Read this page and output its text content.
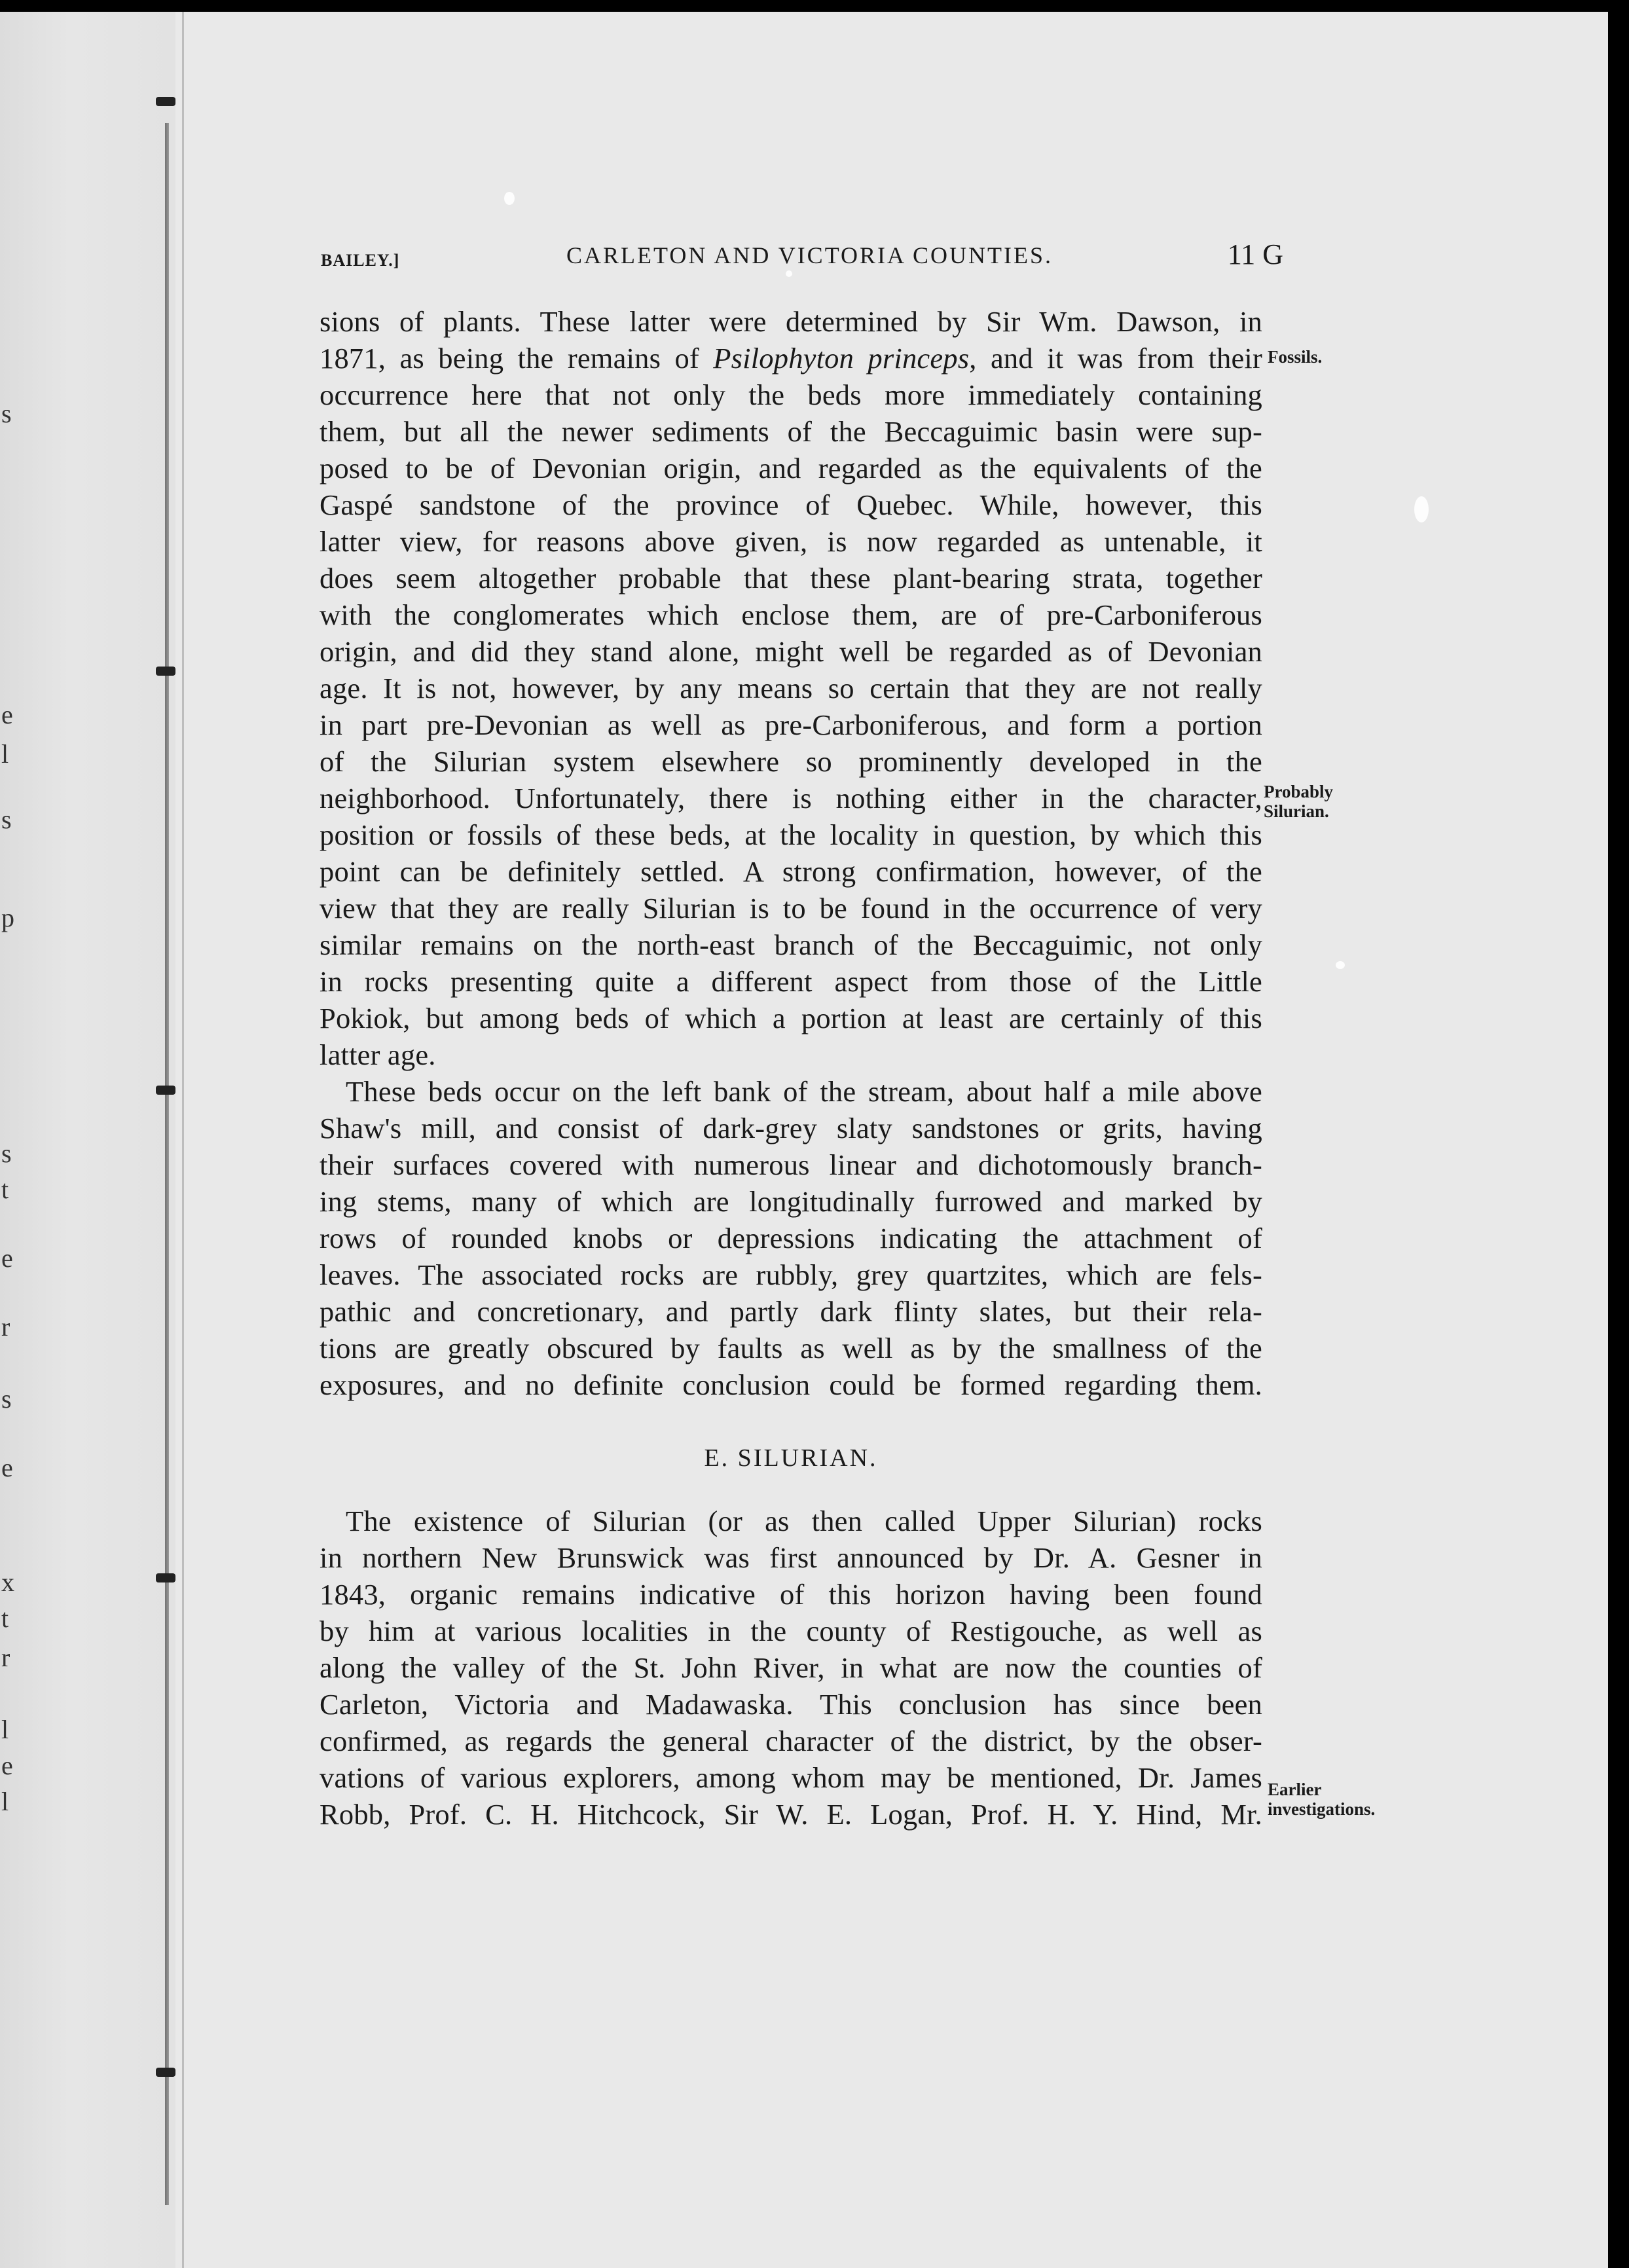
s
e
l
s
p
s
t
e
r
s
e
x
t
r
l
e
l
BAILEY.]	CARLETON AND VICTORIA COUNTIES.	11 G
Fossils.
Probably
Silurian.
Earlier
investigations.
sions of plants. These latter were determined by Sir Wm. Dawson, in
1871, as being the remains of Psilophyton princeps, and it was from their
occurrence here that not only the beds more immediately containing
them, but all the newer sediments of the Beccaguimic basin were sup-
posed to be of Devonian origin, and regarded as the equivalents of the
Gaspé sandstone of the province of Quebec. While, however, this
latter view, for reasons above given, is now regarded as untenable, it
does seem altogether probable that these plant-bearing strata, together
with the conglomerates which enclose them, are of pre-Carboniferous
origin, and did they stand alone, might well be regarded as of Devonian
age. It is not, however, by any means so certain that they are not really
in part pre-Devonian as well as pre-Carboniferous, and form a portion
of the Silurian system elsewhere so prominently developed in the
neighborhood. Unfortunately, there is nothing either in the character,
position or fossils of these beds, at the locality in question, by which this
point can be definitely settled. A strong confirmation, however, of the
view that they are really Silurian is to be found in the occurrence of very
similar remains on the north-east branch of the Beccaguimic, not only
in rocks presenting quite a different aspect from those of the Little
Pokiok, but among beds of which a portion at least are certainly of this
latter age.
These beds occur on the left bank of the stream, about half a mile above
Shaw's mill, and consist of dark-grey slaty sandstones or grits, having
their surfaces covered with numerous linear and dichotomously branch-
ing stems, many of which are longitudinally furrowed and marked by
rows of rounded knobs or depressions indicating the attachment of
leaves. The associated rocks are rubbly, grey quartzites, which are fels-
pathic and concretionary, and partly dark flinty slates, but their rela-
tions are greatly obscured by faults as well as by the smallness of the
exposures, and no definite conclusion could be formed regarding them.
E. SILURIAN.
The existence of Silurian (or as then called Upper Silurian) rocks
in northern New Brunswick was first announced by Dr. A. Gesner in
1843, organic remains indicative of this horizon having been found
by him at various localities in the county of Restigouche, as well as
along the valley of the St. John River, in what are now the counties of
Carleton, Victoria and Madawaska. This conclusion has since been
confirmed, as regards the general character of the district, by the obser-
vations of various explorers, among whom may be mentioned, Dr. James
Robb, Prof. C. H. Hitchcock, Sir W. E. Logan, Prof. H. Y. Hind, Mr.
